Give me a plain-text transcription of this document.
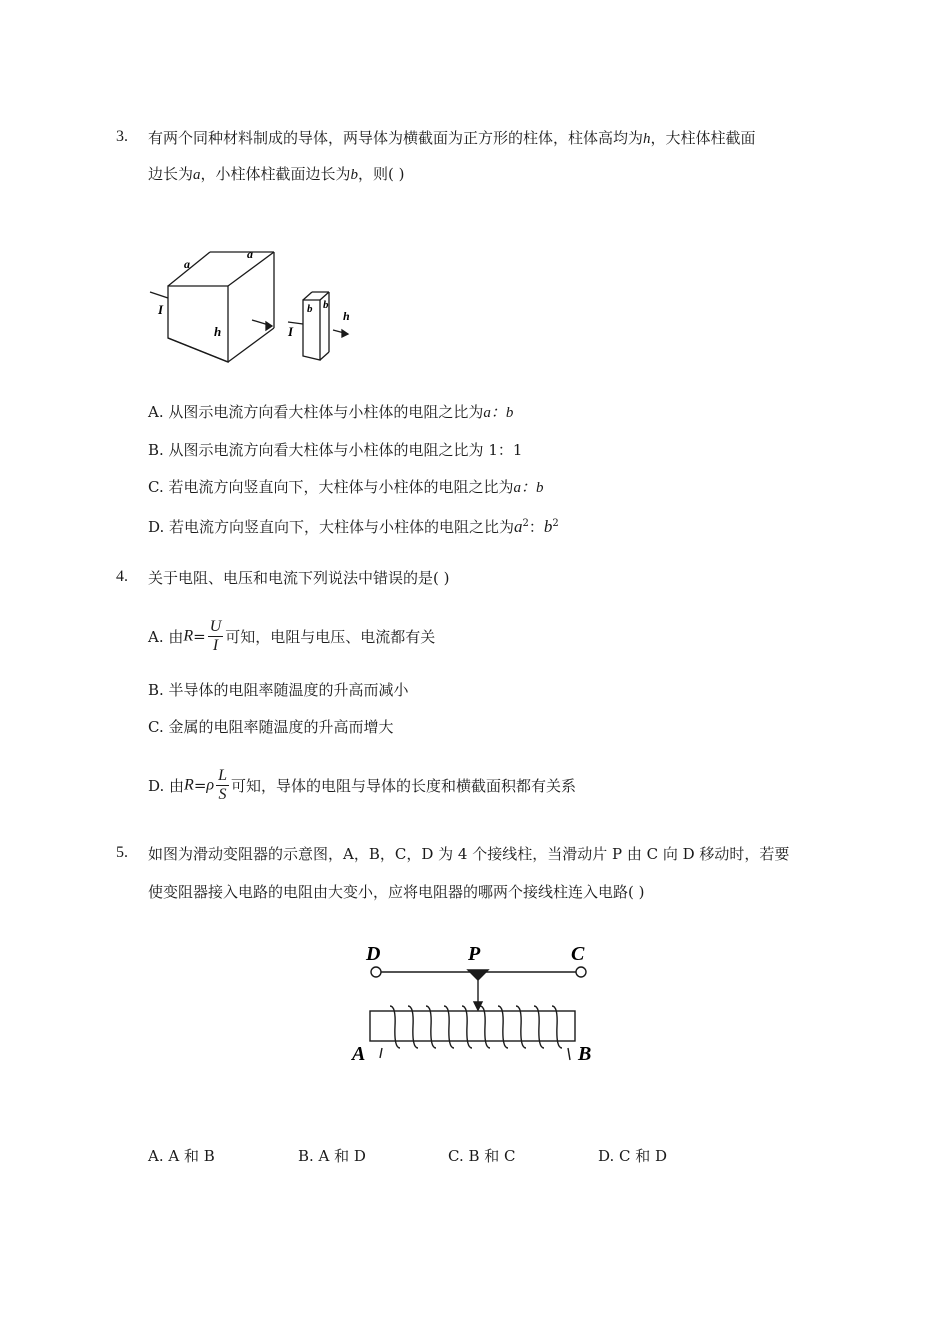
3. 有两个同种材料制成的导体，两导体为横截面为正方形的柱体，柱体高均为h，大柱体柱截面
边长为a，小柱体柱截面边长为b，则( )
a
a
I
h	I
b b
h
A. 从图示电流方向看大柱体与小柱体的电阻之比为a：b
B. 从图示电流方向看大柱体与小柱体的电阻之比为 1：1
C. 若电流方向竖直向下，大柱体与小柱体的电阻之比为a：b
D. 若电流方向竖直向下，大柱体与小柱体的电阻之比为$a^2$：$b^2$
4. 关于电阻、电压和电流下列说法中错误的是( )
A. 由$R= \frac{U}{I}$ 可知，电阻与电压、电流都有关
B. 半导体的电阻率随温度的升高而减小
C. 金属的电阻率随温度的升高而增大
D. 由$R=\rho \frac{L}{S}$ 可知，导体的电阻与导体的长度和横截面积都有关系
5. 如图为滑动变阻器的示意图，A，B，C，D 为 4 个接线柱，当滑动片 P 由 C 向 D 移动时，若要
使变阻器接入电路的电阻由大变小，应将电阻器的哪两个接线柱连入电路( )
D	P	C
A	B
A. A 和 B	B. A 和 D	C. B 和 C	D. C 和 D
